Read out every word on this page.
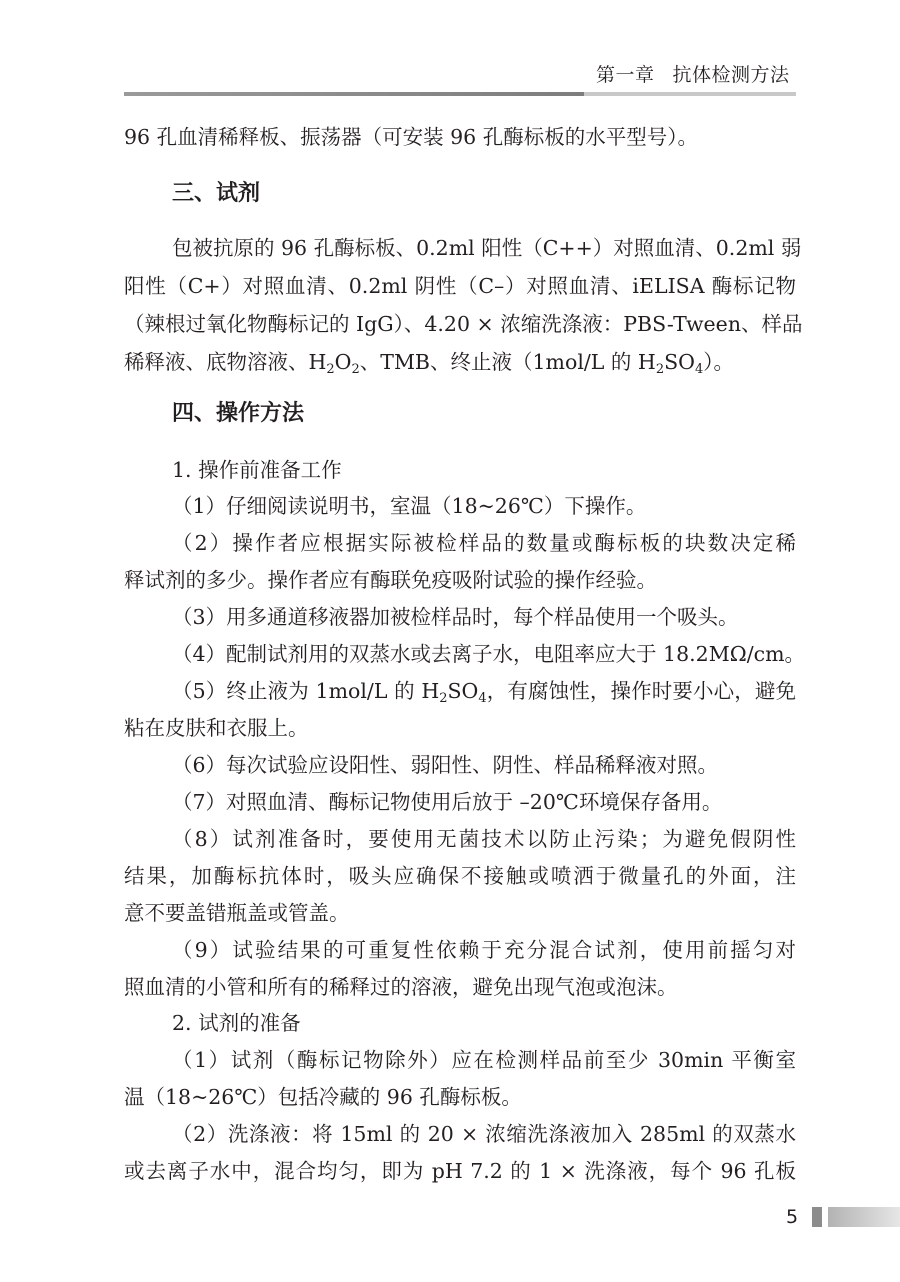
第一章 抗体检测方法
96 孔血清稀释板、振荡器（可安装 96 孔酶标板的水平型号）。
三、试剂
包被抗原的 96 孔酶标板、0.2ml 阳性（C++）对照血清、0.2ml 弱
阳性（C+）对照血清、0.2ml 阴性（C–）对照血清、iELISA 酶标记物
（辣根过氧化物酶标记的 IgG）、4.20 × 浓缩洗涤液：PBS-Tween、样品
稀释液、底物溶液、$H_2O_2$、TMB、终止液（1mol/L 的 $H_2SO_4$）。
四、操作方法
1. 操作前准备工作
（1）仔细阅读说明书，室温（18~26℃）下操作。
（2）操作者应根据实际被检样品的数量或酶标板的块数决定稀
释试剂的多少。操作者应有酶联免疫吸附试验的操作经验。
（3）用多通道移液器加被检样品时，每个样品使用一个吸头。
（4）配制试剂用的双蒸水或去离子水，电阻率应大于 18.2MΩ/cm。
（5）终止液为 1mol/L 的 $H_2SO_4$，有腐蚀性，操作时要小心，避免
粘在皮肤和衣服上。
（6）每次试验应设阳性、弱阳性、阴性、样品稀释液对照。
（7）对照血清、酶标记物使用后放于 –20℃环境保存备用。
（8）试剂准备时，要使用无菌技术以防止污染；为避免假阴性
结果，加酶标抗体时，吸头应确保不接触或喷洒于微量孔的外面，注
意不要盖错瓶盖或管盖。
（9）试验结果的可重复性依赖于充分混合试剂，使用前摇匀对
照血清的小管和所有的稀释过的溶液，避免出现气泡或泡沫。
2. 试剂的准备
（1）试剂（酶标记物除外）应在检测样品前至少 30min 平衡室
温（18~26℃）包括冷藏的 96 孔酶标板。
（2）洗涤液：将 15ml 的 20 × 浓缩洗涤液加入 285ml 的双蒸水
或去离子水中，混合均匀，即为 pH 7.2 的 1 × 洗涤液，每个 96 孔板
5
